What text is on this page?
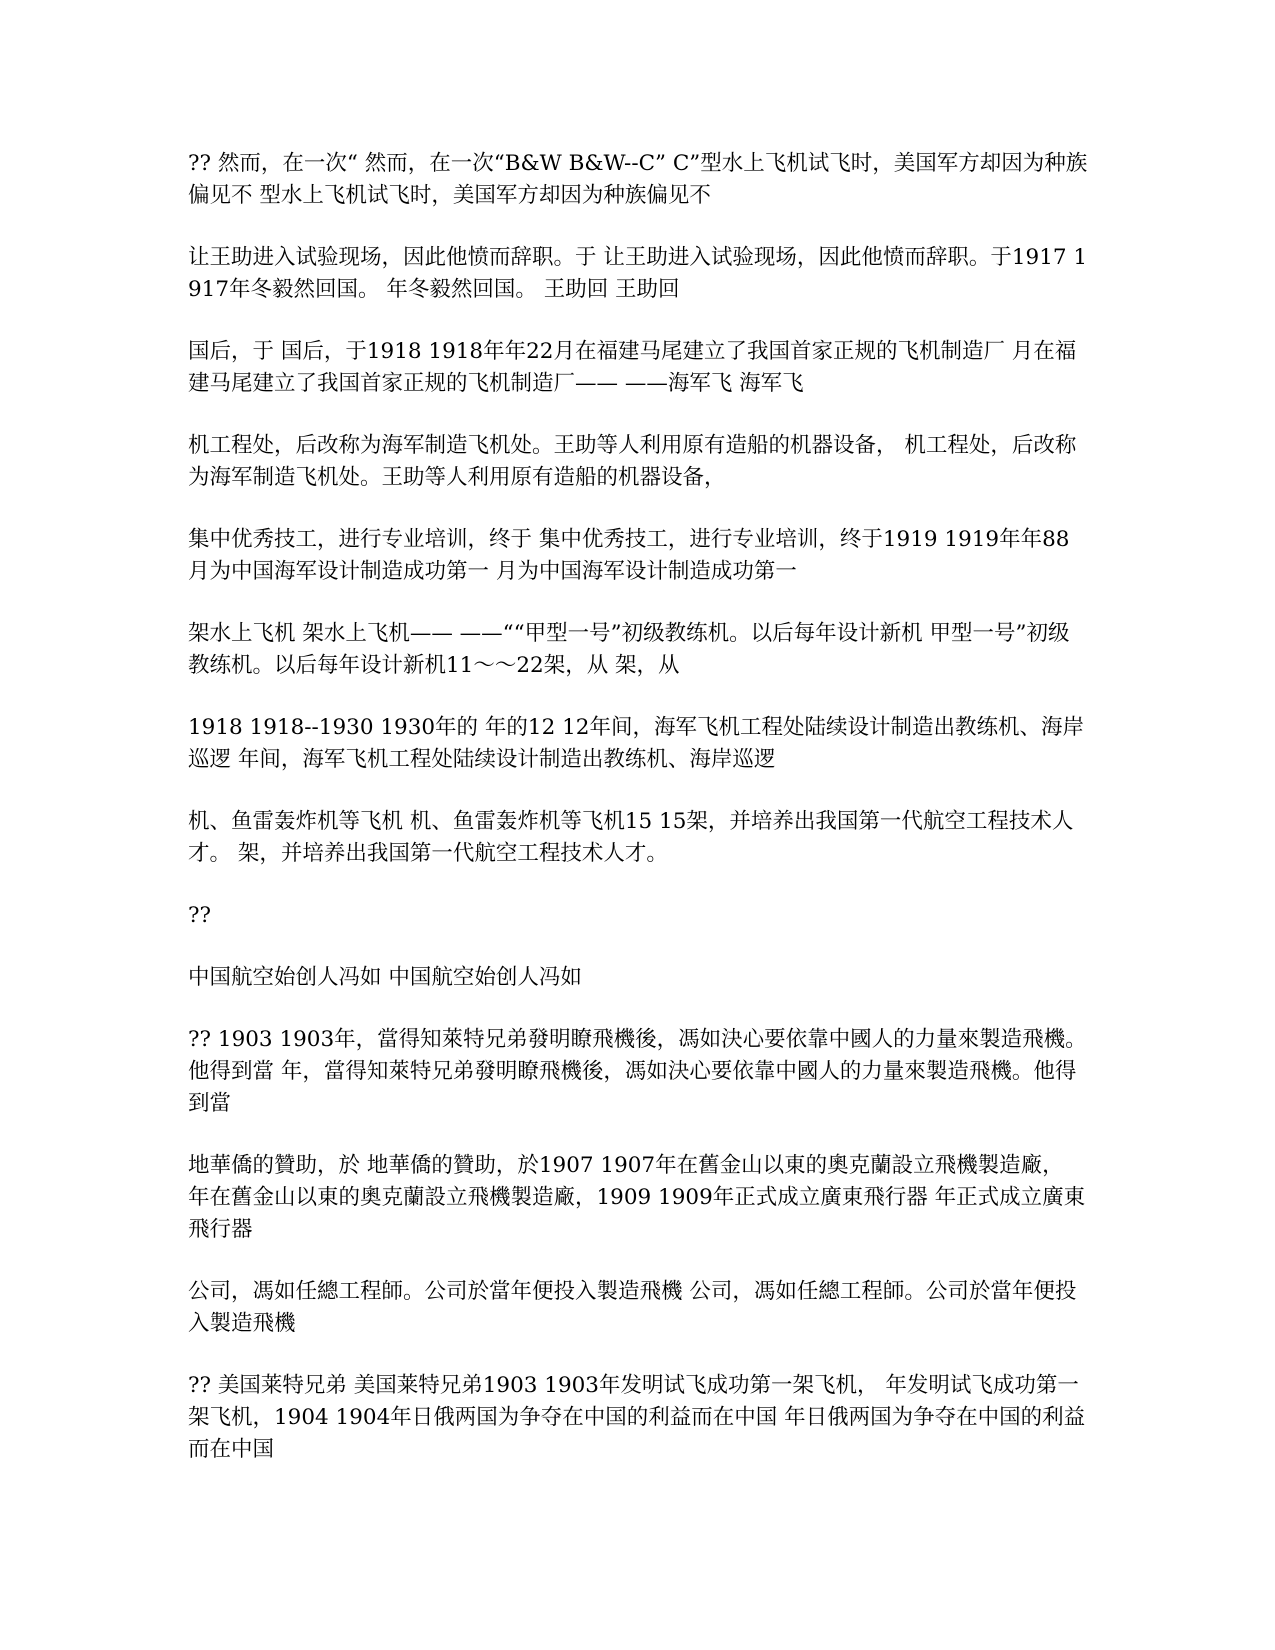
?? 然而，在一次“ 然而，在一次“B&W B&W--C” C”型水上飞机试飞时，美国军方却因为种族偏见不 型水上飞机试飞时，美国军方却因为种族偏见不

让王助进入试验现场，因此他愤而辞职。于 让王助进入试验现场，因此他愤而辞职。于1917 1917年冬毅然回国。 年冬毅然回国。 王助回 王助回

国后，于 国后，于1918 1918年年22月在福建马尾建立了我国首家正规的飞机制造厂 月在福建马尾建立了我国首家正规的飞机制造厂—— ——海军飞 海军飞

机工程处，后改称为海军制造飞机处。王助等人利用原有造船的机器设备， 机工程处，后改称为海军制造飞机处。王助等人利用原有造船的机器设备，

集中优秀技工，进行专业培训，终于 集中优秀技工，进行专业培训，终于1919 1919年年88月为中国海军设计制造成功第一 月为中国海军设计制造成功第一

架水上飞机 架水上飞机—— ——““甲型一号”初级教练机。以后每年设计新机 甲型一号”初级教练机。以后每年设计新机11～～22架，从 架，从

1918 1918--1930 1930年的 年的12 12年间，海军飞机工程处陆续设计制造出教练机、海岸巡逻 年间，海军飞机工程处陆续设计制造出教练机、海岸巡逻

机、鱼雷轰炸机等飞机 机、鱼雷轰炸机等飞机15 15架，并培养出我国第一代航空工程技术人才。 架，并培养出我国第一代航空工程技术人才。

??

中国航空始创人冯如 中国航空始创人冯如

?? 1903 1903年，當得知萊特兄弟發明瞭飛機後，馮如決心要依靠中國人的力量來製造飛機。他得到當 年，當得知萊特兄弟發明瞭飛機後，馮如決心要依靠中國人的力量來製造飛機。他得到當

地華僑的贊助，於 地華僑的贊助，於1907 1907年在舊金山以東的奧克蘭設立飛機製造廠， 年在舊金山以東的奧克蘭設立飛機製造廠，1909 1909年正式成立廣東飛行器 年正式成立廣東飛行器

公司，馮如任總工程師。公司於當年便投入製造飛機 公司，馮如任總工程師。公司於當年便投入製造飛機

?? 美国莱特兄弟 美国莱特兄弟1903 1903年发明试飞成功第一架飞机， 年发明试飞成功第一架飞机，1904 1904年日俄两国为争夺在中国的利益而在中国 年日俄两国为争夺在中国的利益而在中国
